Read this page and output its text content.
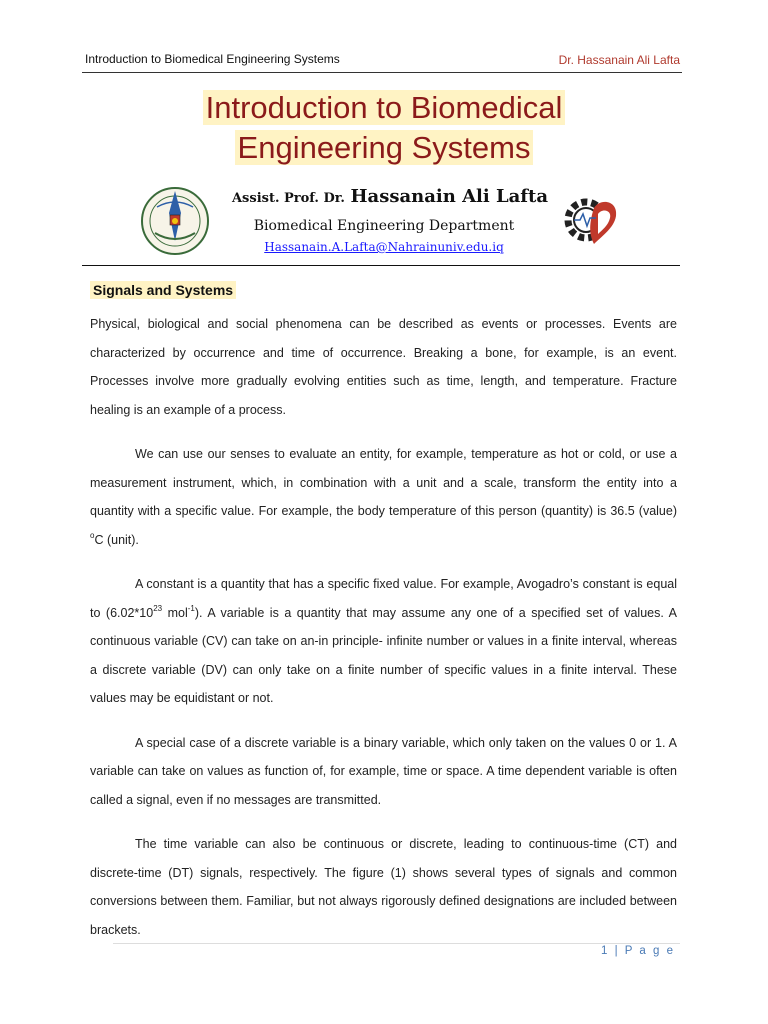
Introduction to Biomedical Engineering Systems	Dr. Hassanain Ali Lafta
Introduction to Biomedical
Engineering Systems
Assist. Prof. Dr. Hassanain Ali Lafta
Biomedical Engineering Department
Hassanain.A.Lafta@Nahrainuniv.edu.iq
Signals and Systems

Physical, biological and social phenomena can be described as events or processes. Events are characterized by occurrence and time of occurrence. Breaking a bone, for example, is an event. Processes involve more gradually evolving entities such as time, length, and temperature. Fracture healing is an example of a process.

We can use our senses to evaluate an entity, for example, temperature as hot or cold, or use a measurement instrument, which, in combination with a unit and a scale, transform the entity into a quantity with a specific value. For example, the body temperature of this person (quantity) is 36.5 (value) $^o$C (unit).

A constant is a quantity that has a specific fixed value. For example, Avogadro’s constant is equal to ($6.02*10^{23}$ mol$^{-1}$). A variable is a quantity that may assume any one of a specified set of values. A continuous variable (CV) can take on an-in principle- infinite number or values in a finite interval, whereas a discrete variable (DV) can only take on a finite number of specific values in a finite interval. These values may be equidistant or not.

A special case of a discrete variable is a binary variable, which only taken on the values 0 or 1. A variable can take on values as function of, for example, time or space. A time dependent variable is often called a signal, even if no messages are transmitted.

The time variable can also be continuous or discrete, leading to continuous-time (CT) and discrete-time (DT) signals, respectively. The figure (1) shows several types of signals and common conversions between them. Familiar, but not always rigorously defined designations are included between brackets.

1 | P a g e
